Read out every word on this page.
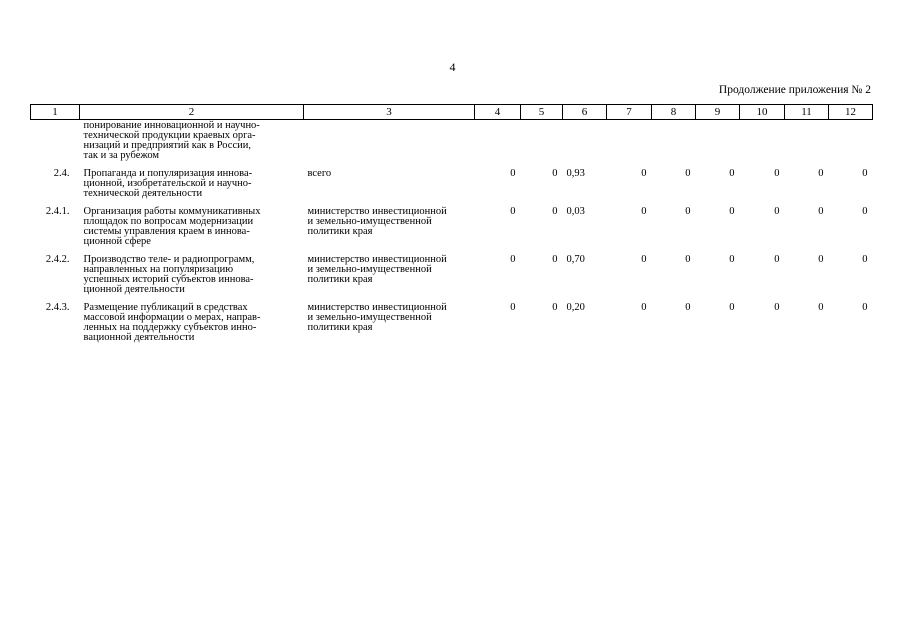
4
Продолжение приложения № 2
1	2	3	4	5	6	7	8	9	10	11	12
	понирование инновационной и научно-
технической продукции краевых орга-
низаций и предприятий как в России,
так и за рубежом										
2.4.	Пропаганда и популяризация иннова-
ционной, изобретательской и научно-
технической деятельности	всего	0	0	0,93	0	0	0	0	0	0
2.4.1.	Организация работы коммуникативных
площадок по вопросам модернизации
системы управления краем в иннова-
ционной сфере	министерство инвестиционной
и земельно-имущественной
политики края	0	0	0,03	0	0	0	0	0	0
2.4.2.	Производство теле- и радиопрограмм,
направленных на популяризацию
успешных историй субъектов иннова-
ционной деятельности	министерство инвестиционной
и земельно-имущественной
политики края	0	0	0,70	0	0	0	0	0	0
2.4.3.	Размещение публикаций в средствах
массовой информации о мерах, направ-
ленных на поддержку субъектов инно-
вационной деятельности	министерство инвестиционной
и земельно-имущественной
политики края	0	0	0,20	0	0	0	0	0	0
